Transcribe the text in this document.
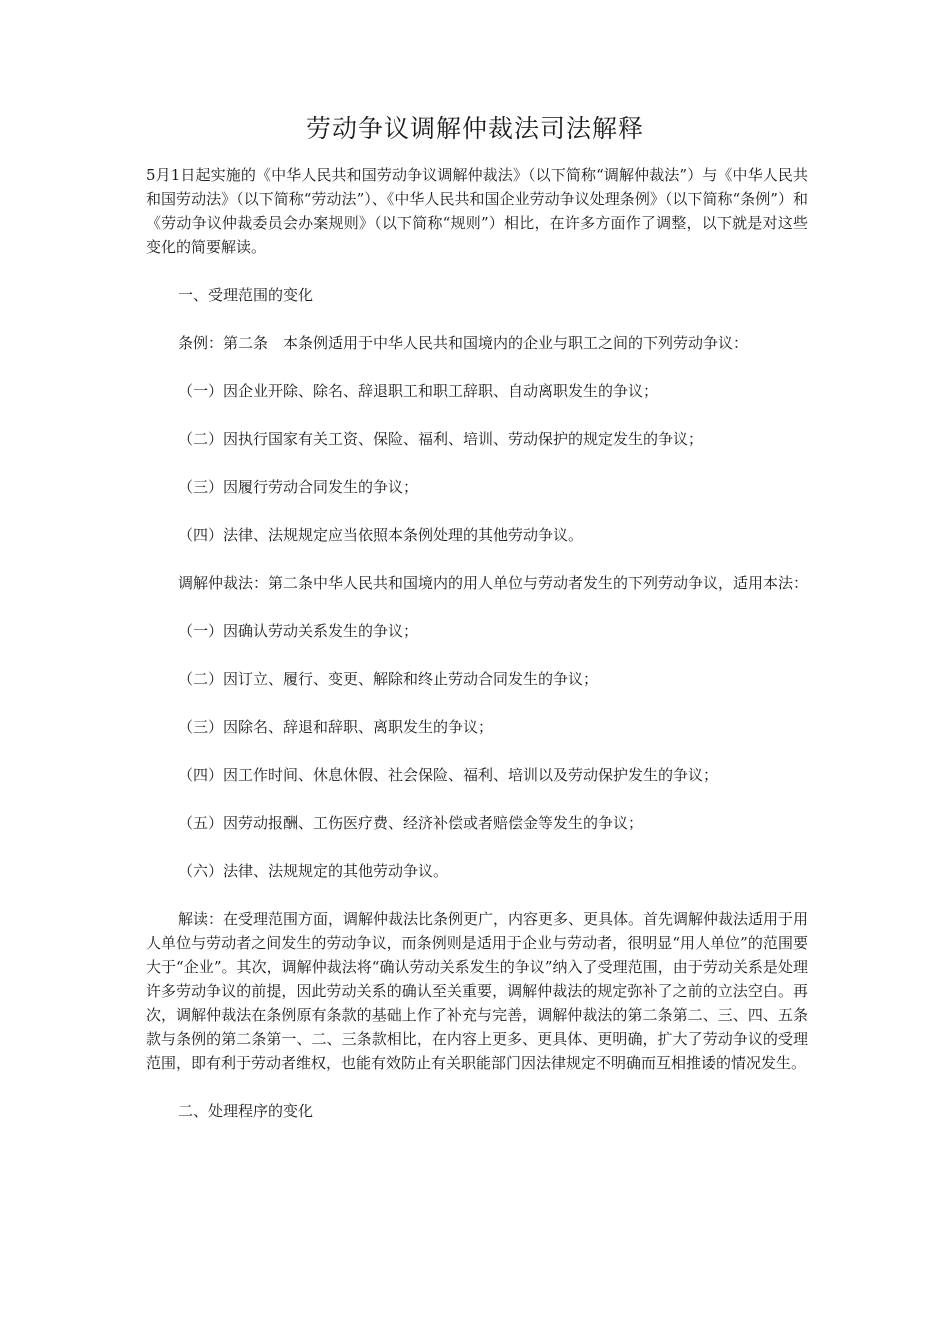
劳动争议调解仲裁法司法解释

5月1日起实施的《中华人民共和国劳动争议调解仲裁法》（以下简称“调解仲裁法”）与《中华人民共和国劳动法》（以下简称“劳动法”）、《中华人民共和国企业劳动争议处理条例》（以下简称“条例”）和《劳动争议仲裁委员会办案规则》（以下简称“规则”）相比，在许多方面作了调整，以下就是对这些变化的简要解读。

一、受理范围的变化

条例：第二条　本条例适用于中华人民共和国境内的企业与职工之间的下列劳动争议：

（一）因企业开除、除名、辞退职工和职工辞职、自动离职发生的争议；

（二）因执行国家有关工资、保险、福利、培训、劳动保护的规定发生的争议；

（三）因履行劳动合同发生的争议；

（四）法律、法规规定应当依照本条例处理的其他劳动争议。

调解仲裁法：第二条中华人民共和国境内的用人单位与劳动者发生的下列劳动争议，适用本法：

（一）因确认劳动关系发生的争议；

（二）因订立、履行、变更、解除和终止劳动合同发生的争议；

（三）因除名、辞退和辞职、离职发生的争议；

（四）因工作时间、休息休假、社会保险、福利、培训以及劳动保护发生的争议；

（五）因劳动报酬、工伤医疗费、经济补偿或者赔偿金等发生的争议；

（六）法律、法规规定的其他劳动争议。

解读：在受理范围方面，调解仲裁法比条例更广，内容更多、更具体。首先调解仲裁法适用于用人单位与劳动者之间发生的劳动争议，而条例则是适用于企业与劳动者，很明显“用人单位”的范围要大于“企业”。其次，调解仲裁法将“确认劳动关系发生的争议”纳入了受理范围，由于劳动关系是处理许多劳动争议的前提，因此劳动关系的确认至关重要，调解仲裁法的规定弥补了之前的立法空白。再次，调解仲裁法在条例原有条款的基础上作了补充与完善，调解仲裁法的第二条第二、三、四、五条款与条例的第二条第一、二、三条款相比，在内容上更多、更具体、更明确，扩大了劳动争议的受理范围，即有利于劳动者维权，也能有效防止有关职能部门因法律规定不明确而互相推诿的情况发生。

二、处理程序的变化
